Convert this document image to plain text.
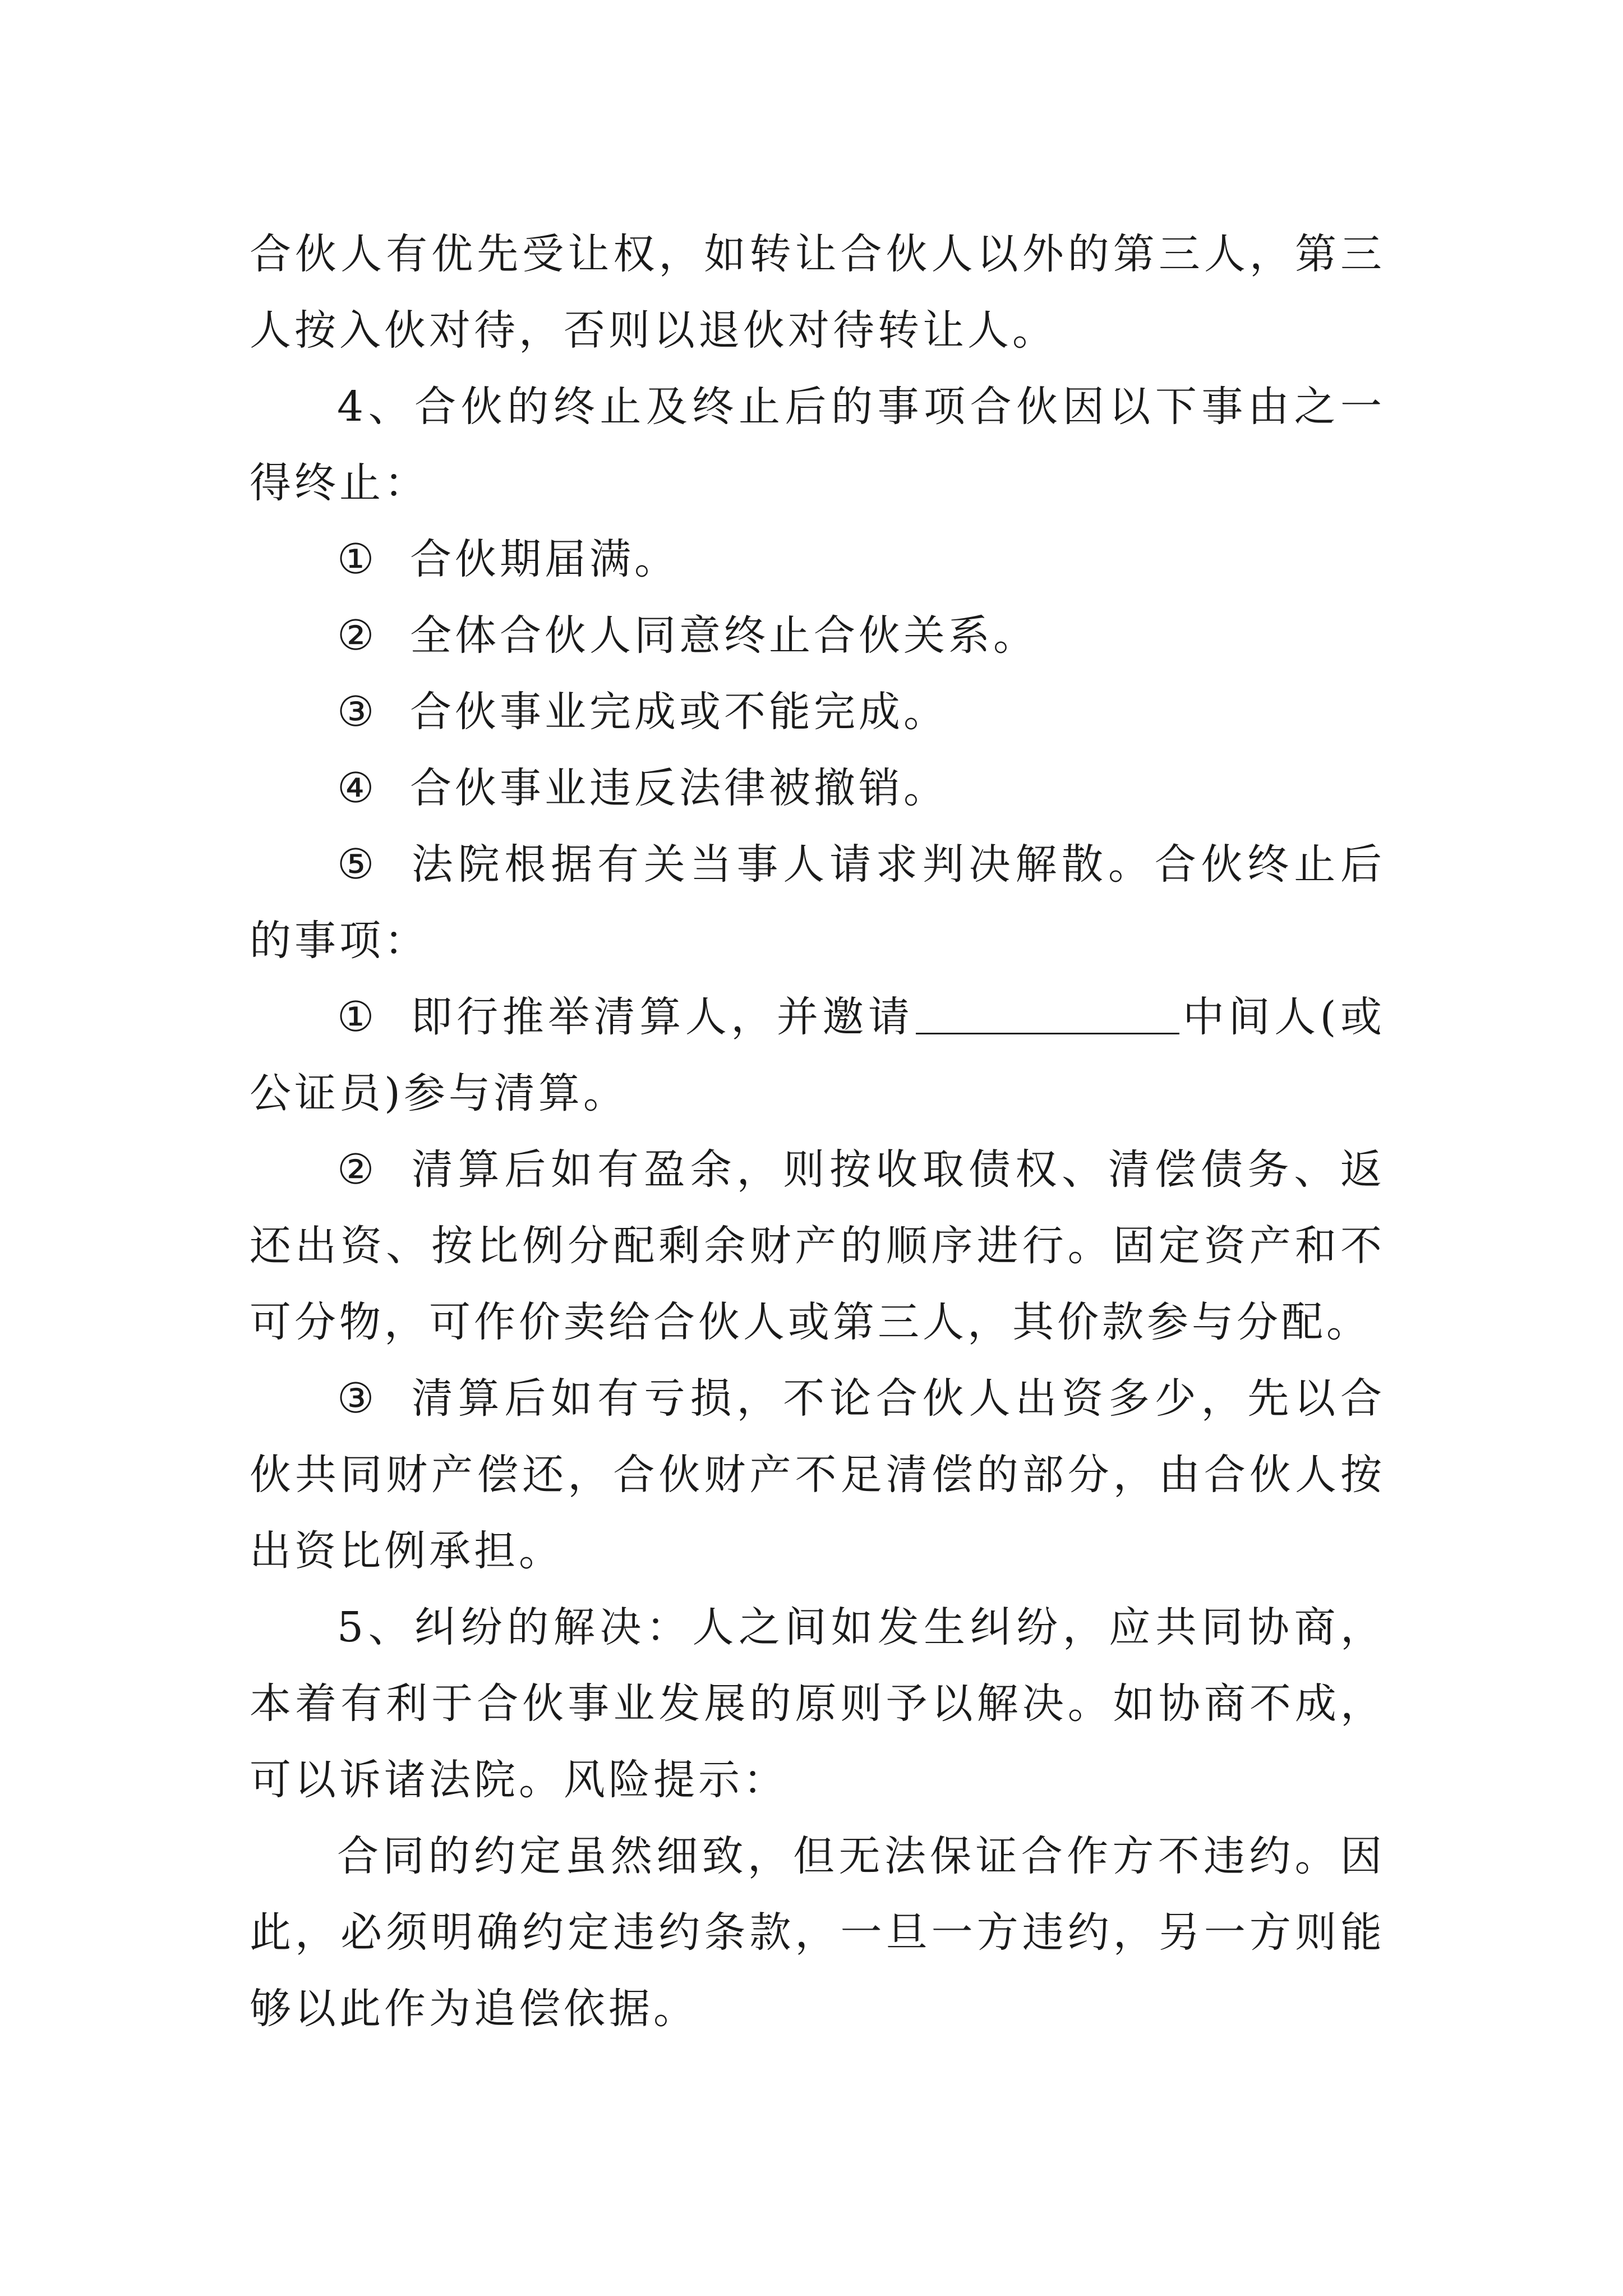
合伙人有优先受让权，如转让合伙人以外的第三人，第三人按入伙对待，否则以退伙对待转让人。

4、合伙的终止及终止后的事项合伙因以下事由之一得终止：

① 合伙期届满。

② 全体合伙人同意终止合伙关系。

③ 合伙事业完成或不能完成。

④ 合伙事业违反法律被撤销。

⑤ 法院根据有关当事人请求判决解散。合伙终止后的事项：

① 即行推举清算人，并邀请	中间人(或公证员)参与清算。

② 清算后如有盈余，则按收取债权、清偿债务、返还出资、按比例分配剩余财产的顺序进行。固定资产和不可分物，可作价卖给合伙人或第三人，其价款参与分配。

③ 清算后如有亏损，不论合伙人出资多少，先以合伙共同财产偿还，合伙财产不足清偿的部分，由合伙人按出资比例承担。

5、纠纷的解决：人之间如发生纠纷，应共同协商，本着有利于合伙事业发展的原则予以解决。如协商不成，可以诉诸法院。风险提示：

合同的约定虽然细致，但无法保证合作方不违约。因此，必须明确约定违约条款，一旦一方违约，另一方则能够以此作为追偿依据。
